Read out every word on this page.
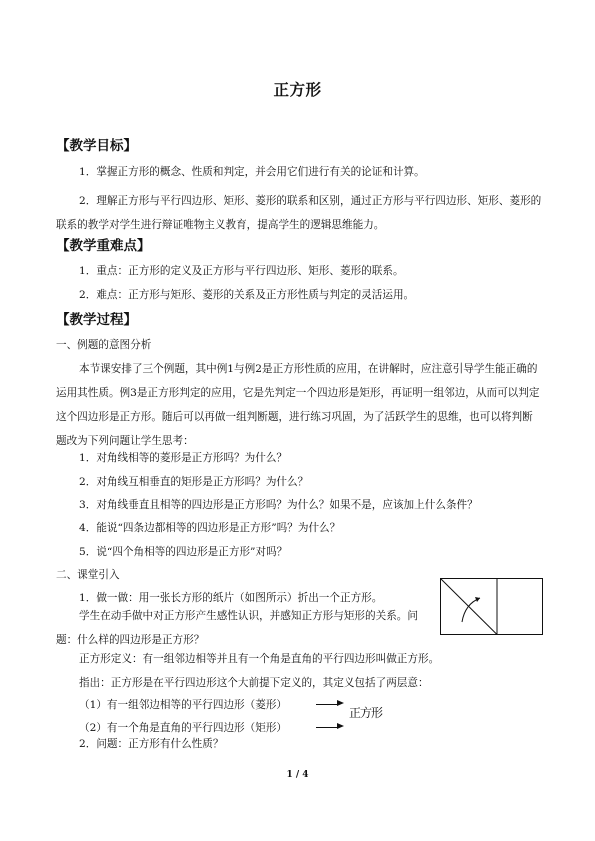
正方形
【教学目标】
1．掌握正方形的概念、性质和判定，并会用它们进行有关的论证和计算。
2．理解正方形与平行四边形、矩形、菱形的联系和区别，通过正方形与平行四边形、矩形、菱形的联系的教学对学生进行辩证唯物主义教育，提高学生的逻辑思维能力。
【教学重难点】
1．重点：正方形的定义及正方形与平行四边形、矩形、菱形的联系。
2．难点：正方形与矩形、菱形的关系及正方形性质与判定的灵活运用。
【教学过程】
一、例题的意图分析
本节课安排了三个例题，其中例1与例2是正方形性质的应用，在讲解时，应注意引导学生能正确的运用其性质。例3是正方形判定的应用，它是先判定一个四边形是矩形，再证明一组邻边，从而可以判定这个四边形是正方形。随后可以再做一组判断题，进行练习巩固，为了活跃学生的思维，也可以将判断题改为下列问题让学生思考：
1．对角线相等的菱形是正方形吗？为什么？
2．对角线互相垂直的矩形是正方形吗？为什么？
3．对角线垂直且相等的四边形是正方形吗？为什么？如果不是，应该加上什么条件？
4．能说“四条边都相等的四边形是正方形”吗？为什么？
5．说“四个角相等的四边形是正方形”对吗？
二、课堂引入
1．做一做：用一张长方形的纸片（如图所示）折出一个正方形。
学生在动手做中对正方形产生感性认识，并感知正方形与矩形的关系。问题：什么样的四边形是正方形？
正方形定义：有一组邻边相等并且有一个角是直角的平行四边形叫做正方形。
指出：正方形是在平行四边形这个大前提下定义的，其定义包括了两层意：
（1）有一组邻边相等的平行四边形（菱形）
（2）有一个角是直角的平行四边形（矩形）
正方形
2．问题：正方形有什么性质？
1 / 4
